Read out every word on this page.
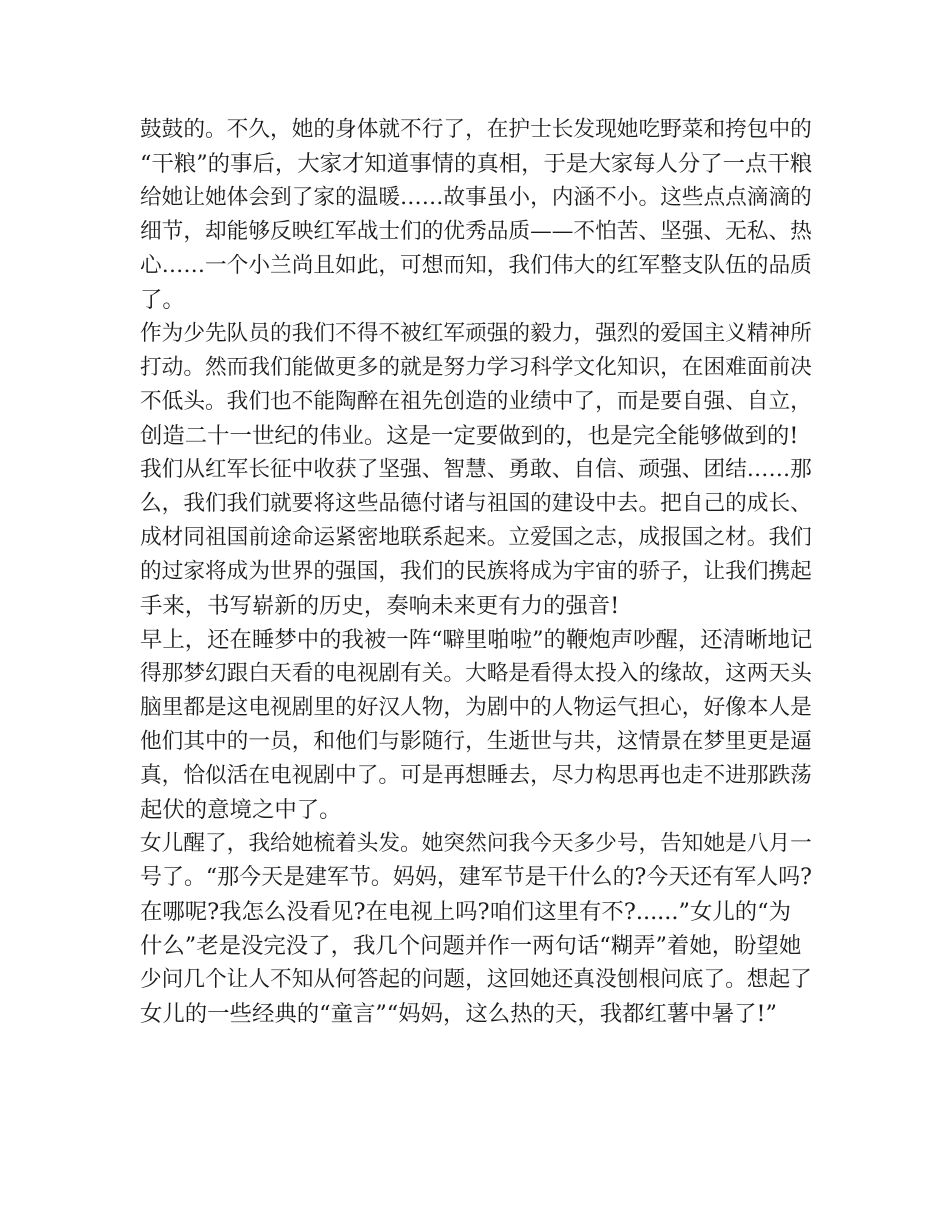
鼓鼓的。不久，她的身体就不行了，在护士长发现她吃野菜和挎包中的
“干粮”的事后，大家才知道事情的真相，于是大家每人分了一点干粮
给她让她体会到了家的温暖……故事虽小，内涵不小。这些点点滴滴的
细节，却能够反映红军战士们的优秀品质——不怕苦、坚强、无私、热
心……一个小兰尚且如此，可想而知，我们伟大的红军整支队伍的品质
了。
作为少先队员的我们不得不被红军顽强的毅力，强烈的爱国主义精神所
打动。然而我们能做更多的就是努力学习科学文化知识，在困难面前决
不低头。我们也不能陶醉在祖先创造的业绩中了，而是要自强、自立，
创造二十一世纪的伟业。这是一定要做到的，也是完全能够做到的!
我们从红军长征中收获了坚强、智慧、勇敢、自信、顽强、团结……那
么，我们我们就要将这些品德付诸与祖国的建设中去。把自己的成长、
成材同祖国前途命运紧密地联系起来。立爱国之志，成报国之材。我们
的过家将成为世界的强国，我们的民族将成为宇宙的骄子，让我们携起
手来，书写崭新的历史，奏响未来更有力的强音!
早上，还在睡梦中的我被一阵“噼里啪啦”的鞭炮声吵醒，还清晰地记
得那梦幻跟白天看的电视剧有关。大略是看得太投入的缘故，这两天头
脑里都是这电视剧里的好汉人物，为剧中的人物运气担心，好像本人是
他们其中的一员，和他们与影随行，生逝世与共，这情景在梦里更是逼
真，恰似活在电视剧中了。可是再想睡去，尽力构思再也走不进那跌荡
起伏的意境之中了。
女儿醒了，我给她梳着头发。她突然问我今天多少号，告知她是八月一
号了。“那今天是建军节。妈妈，建军节是干什么的?今天还有军人吗?
在哪呢?我怎么没看见?在电视上吗?咱们这里有不?......”女儿的“为
什么”老是没完没了，我几个问题并作一两句话“糊弄”着她，盼望她
少问几个让人不知从何答起的问题，这回她还真没刨根问底了。想起了
女儿的一些经典的“童言”“妈妈，这么热的天，我都红薯中暑了!”
